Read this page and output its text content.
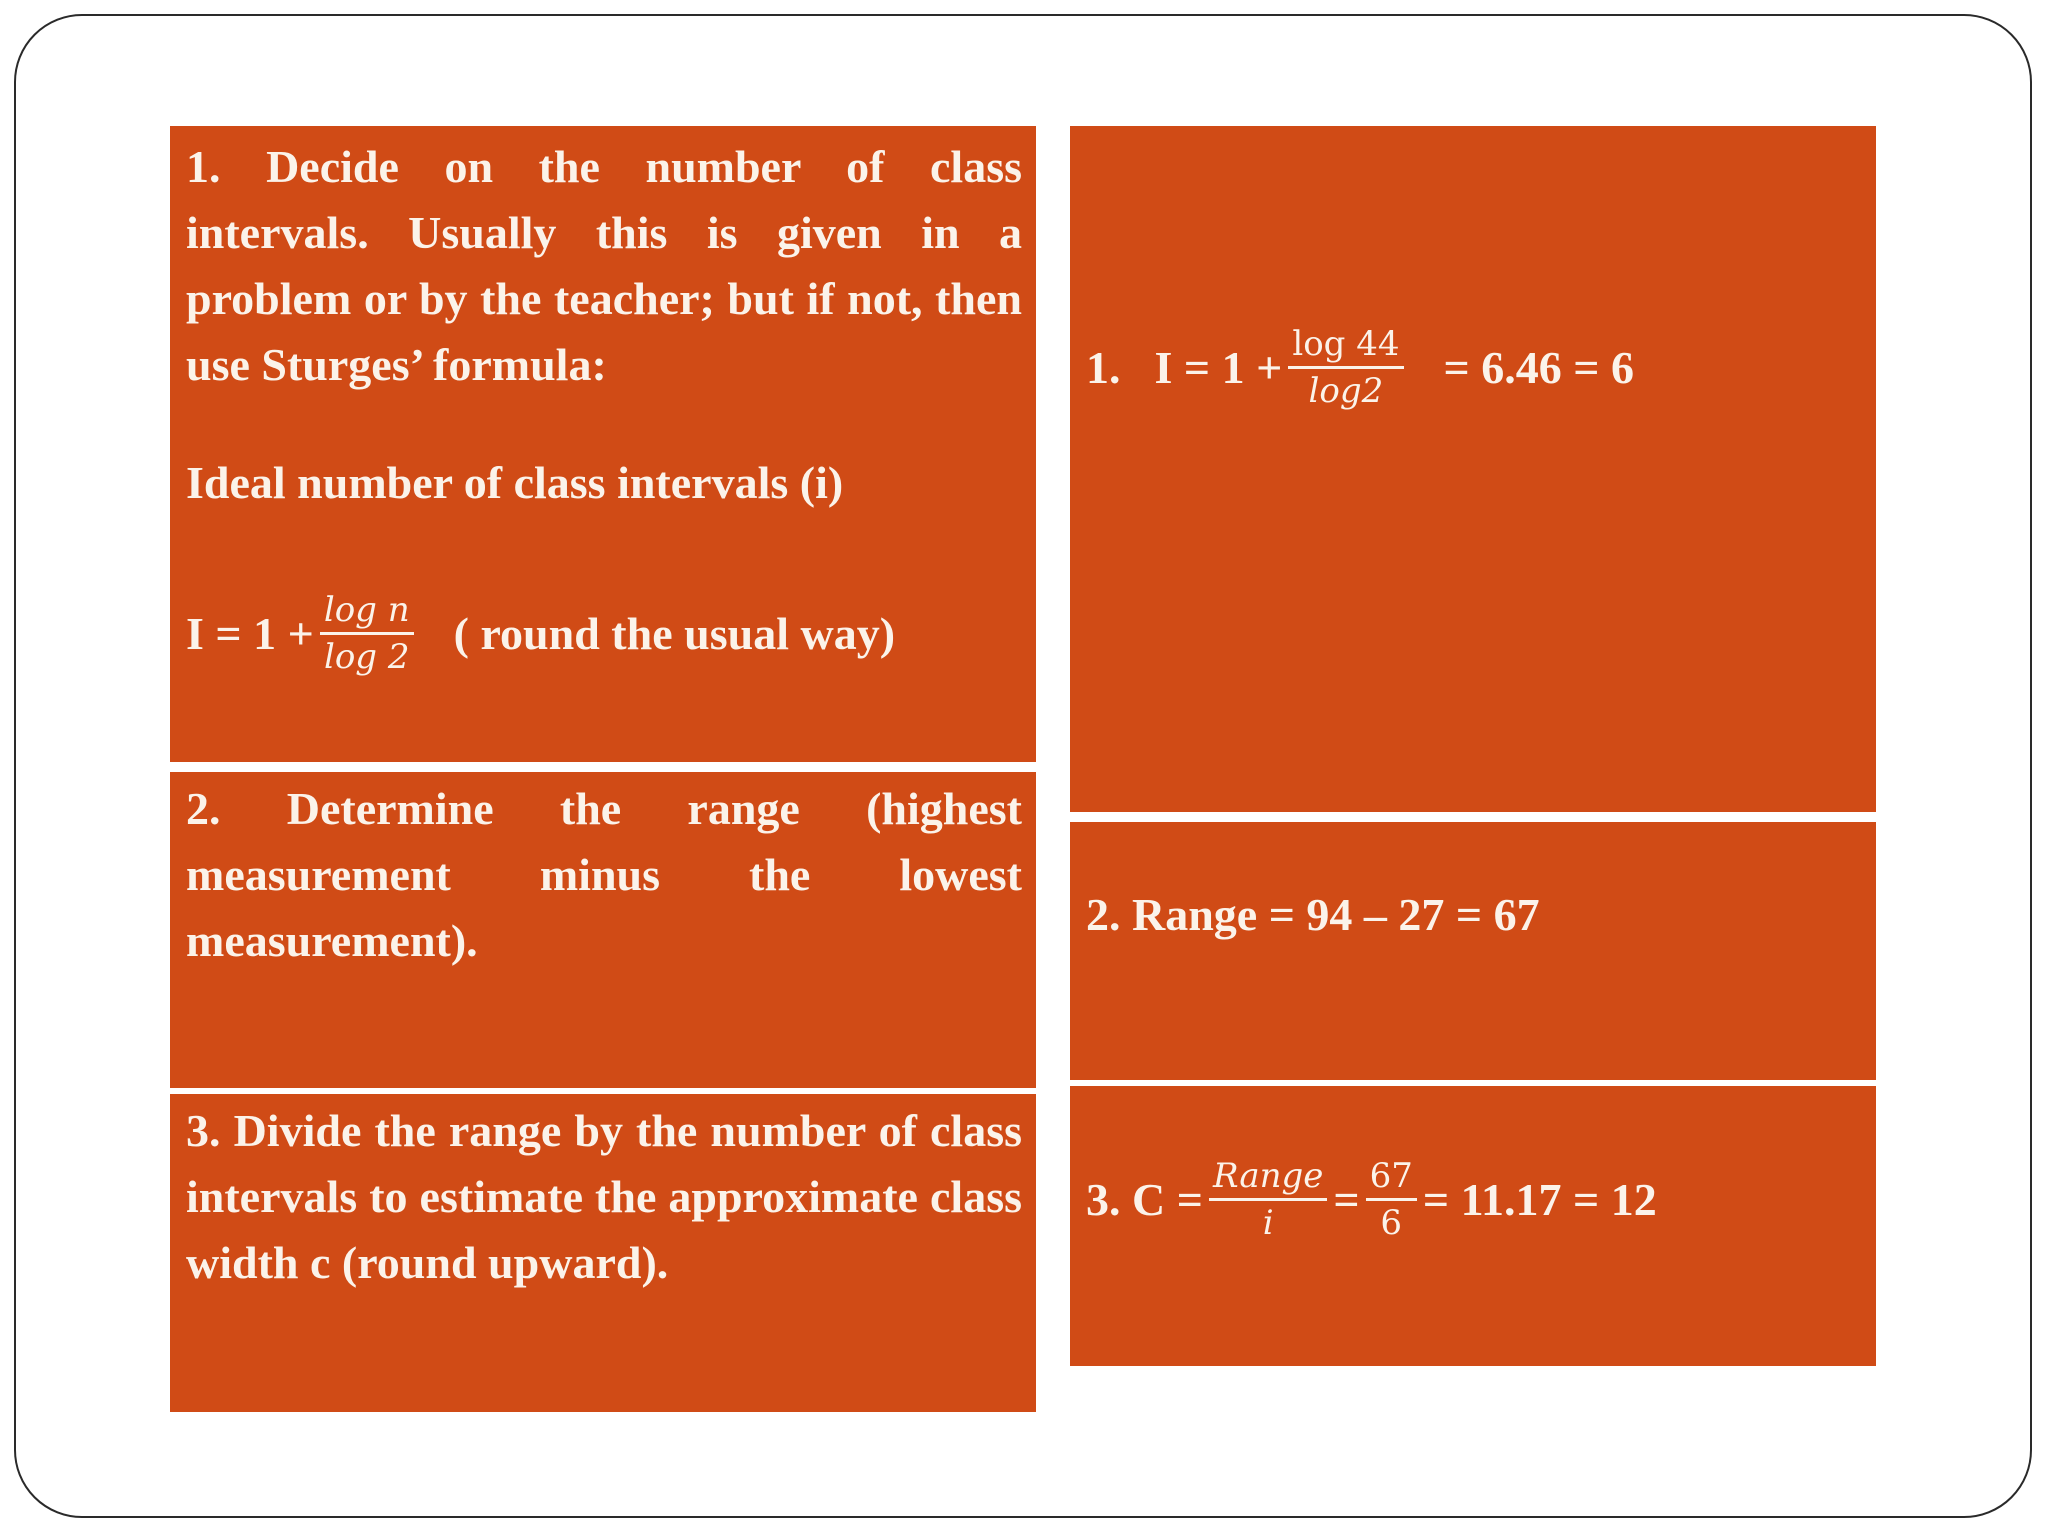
1. Decide on the number of class
intervals. Usually this is given in a problem or by the teacher; but if not, then use Sturges’ formula:
Ideal number of class intervals (i)
$I = 1 + \frac{\text{log n}}{\log 2}$ ( round the usual way)
2. Determine the range (highest measurement minus the lowest measurement).
3. Divide the range by the number of class intervals to estimate the approximate class width c (round upward).
1. $I = 1 + \frac{\log 44}{\log 2} = 6.46 = 6$
2. Range = 94 – 27 = 67
3. $C = \frac{\text{Range}}{i} = \frac{67}{6} = 11.17 = 12$
